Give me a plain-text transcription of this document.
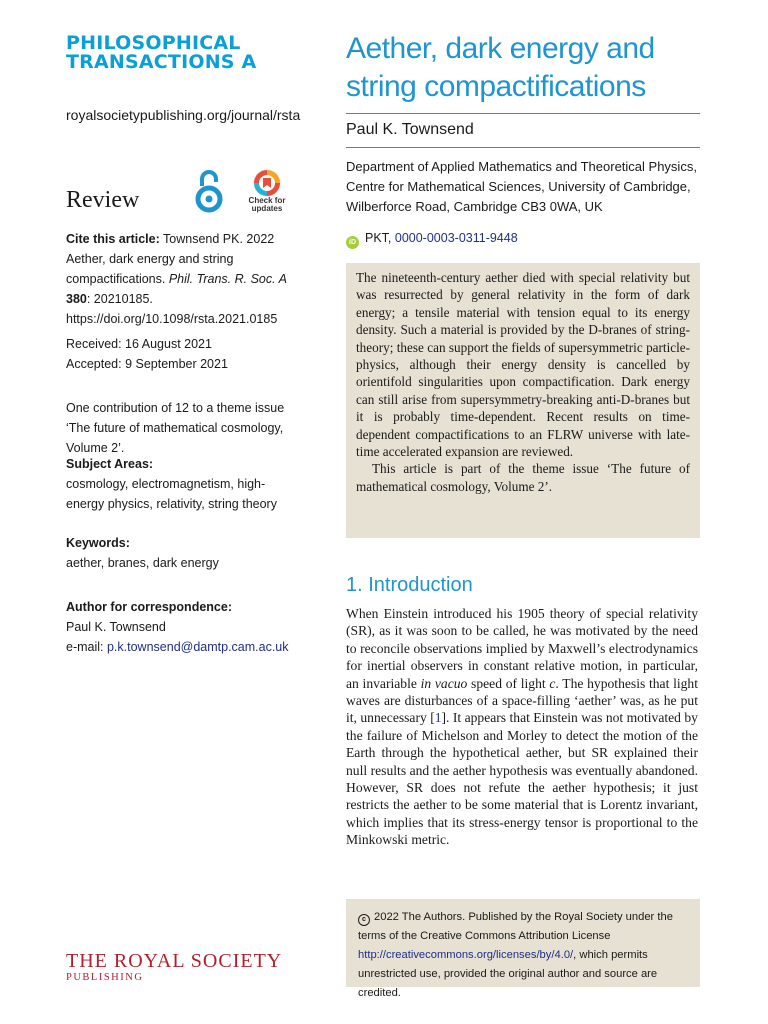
PHILOSOPHICAL
TRANSACTIONS A
royalsocietypublishing.org/journal/rsta
Review	Check for
updates
Cite this article: Townsend PK. 2022 Aether, dark energy and string compactifications. Phil. Trans. R. Soc. A 380: 20210185. https://doi.org/10.1098/rsta.2021.0185
Received: 16 August 2021
Accepted: 9 September 2021
One contribution of 12 to a theme issue ‘The future of mathematical cosmology, Volume 2’.
Subject Areas:
cosmology, electromagnetism, high-energy physics, relativity, string theory
Keywords:
aether, branes, dark energy
Author for correspondence:
Paul K. Townsend
e-mail: p.k.townsend@damtp.cam.ac.uk
Aether, dark energy and string compactifications
Paul K. Townsend
Department of Applied Mathematics and Theoretical Physics, Centre for Mathematical Sciences, University of Cambridge, Wilberforce Road, Cambridge CB3 0WA, UK
iD PKT, 0000-0003-0311-9448

The nineteenth-century aether died with special relativity but was resurrected by general relativity in the form of dark energy; a tensile material with tension equal to its energy density. Such a material is provided by the D-branes of string-theory; these can support the fields of supersymmetric particle-physics, although their energy density is cancelled by orientifold singularities upon compactification. Dark energy can still arise from supersymmetry-breaking anti-D-branes but it is probably time-dependent. Recent results on time-dependent compactifications to an FLRW universe with late-time accelerated expansion are reviewed.

This article is part of the theme issue ‘The future of mathematical cosmology, Volume 2’.

1. Introduction
When Einstein introduced his 1905 theory of special relativity (SR), as it was soon to be called, he was motivated by the need to reconcile observations implied by Maxwell’s electrodynamics for inertial observers in constant relative motion, in particular, an invariable in vacuo speed of light c. The hypothesis that light waves are disturbances of a space-filling ‘aether’ was, as he put it, unnecessary [1]. It appears that Einstein was not motivated by the failure of Michelson and Morley to detect the motion of the Earth through the hypothetical aether, but SR explained their null results and the aether hypothesis was eventually abandoned. However, SR does not refute the aether hypothesis; it just restricts the aether to be some material that is Lorentz invariant, which implies that its stress-energy tensor is proportional to the Minkowski metric.
c 2022 The Authors. Published by the Royal Society under the terms of the Creative Commons Attribution License http://creativecommons.org/licenses/by/4.0/, which permits unrestricted use, provided the original author and source are credited.
THE ROYAL SOCIETY
PUBLISHING
